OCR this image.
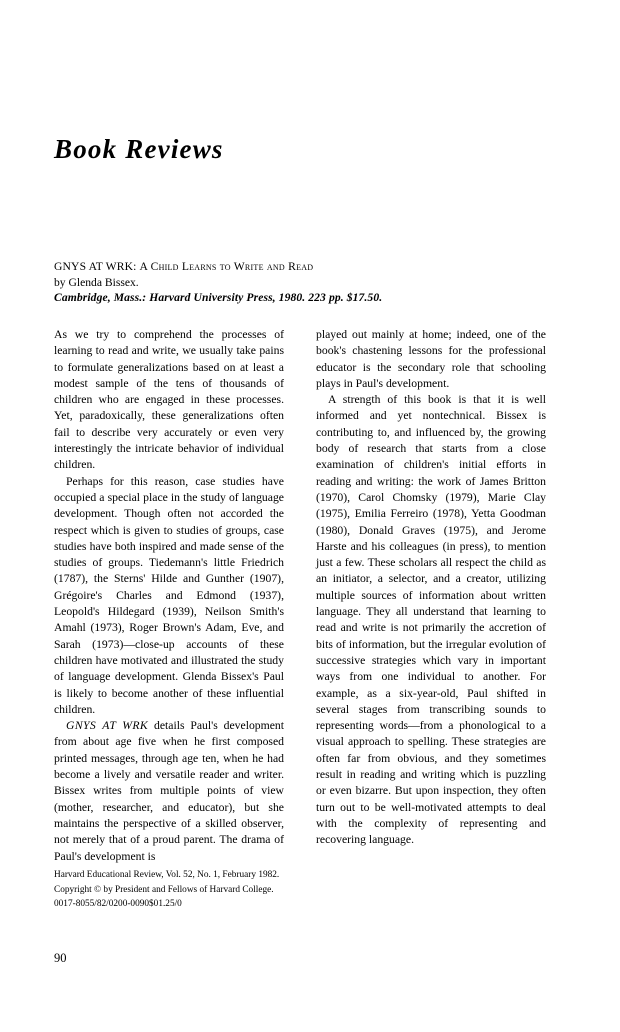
Book Reviews
GNYS AT WRK: A Child Learns to Write and Read
by Glenda Bissex.
Cambridge, Mass.: Harvard University Press, 1980. 223 pp. $17.50.

As we try to comprehend the processes of learning to read and write, we usually take pains to formulate generalizations based on at least a modest sample of the tens of thousands of children who are engaged in these processes. Yet, paradoxically, these generalizations often fail to describe very accurately or even very interestingly the intricate behavior of individual children.

Perhaps for this reason, case studies have occupied a special place in the study of language development. Though often not accorded the respect which is given to studies of groups, case studies have both inspired and made sense of the studies of groups. Tiedemann's little Friedrich (1787), the Sterns' Hilde and Gunther (1907), Grégoire's Charles and Edmond (1937), Leopold's Hildegard (1939), Neilson Smith's Amahl (1973), Roger Brown's Adam, Eve, and Sarah (1973)—close-up accounts of these children have motivated and illustrated the study of language development. Glenda Bissex's Paul is likely to become another of these influential children.

GNYS AT WRK details Paul's development from about age five when he first composed printed messages, through age ten, when he had become a lively and versatile reader and writer. Bissex writes from multiple points of view (mother, researcher, and educator), but she maintains the perspective of a skilled observer, not merely that of a proud parent. The drama of Paul's development is

played out mainly at home; indeed, one of the book's chastening lessons for the professional educator is the secondary role that schooling plays in Paul's development.

A strength of this book is that it is well informed and yet nontechnical. Bissex is contributing to, and influenced by, the growing body of research that starts from a close examination of children's initial efforts in reading and writing: the work of James Britton (1970), Carol Chomsky (1979), Marie Clay (1975), Emilia Ferreiro (1978), Yetta Goodman (1980), Donald Graves (1975), and Jerome Harste and his colleagues (in press), to mention just a few. These scholars all respect the child as an initiator, a selector, and a creator, utilizing multiple sources of information about written language. They all understand that learning to read and write is not primarily the accretion of bits of information, but the irregular evolution of successive strategies which vary in important ways from one individual to another. For example, as a six-year-old, Paul shifted in several stages from transcribing sounds to representing words—from a phonological to a visual approach to spelling. These strategies are often far from obvious, and they sometimes result in reading and writing which is puzzling or even bizarre. But upon inspection, they often turn out to be well-motivated attempts to deal with the complexity of representing and recovering language.

Harvard Educational Review, Vol. 52, No. 1, February 1982.
Copyright © by President and Fellows of Harvard College.
0017-8055/82/0200-0090$01.25/0
90
